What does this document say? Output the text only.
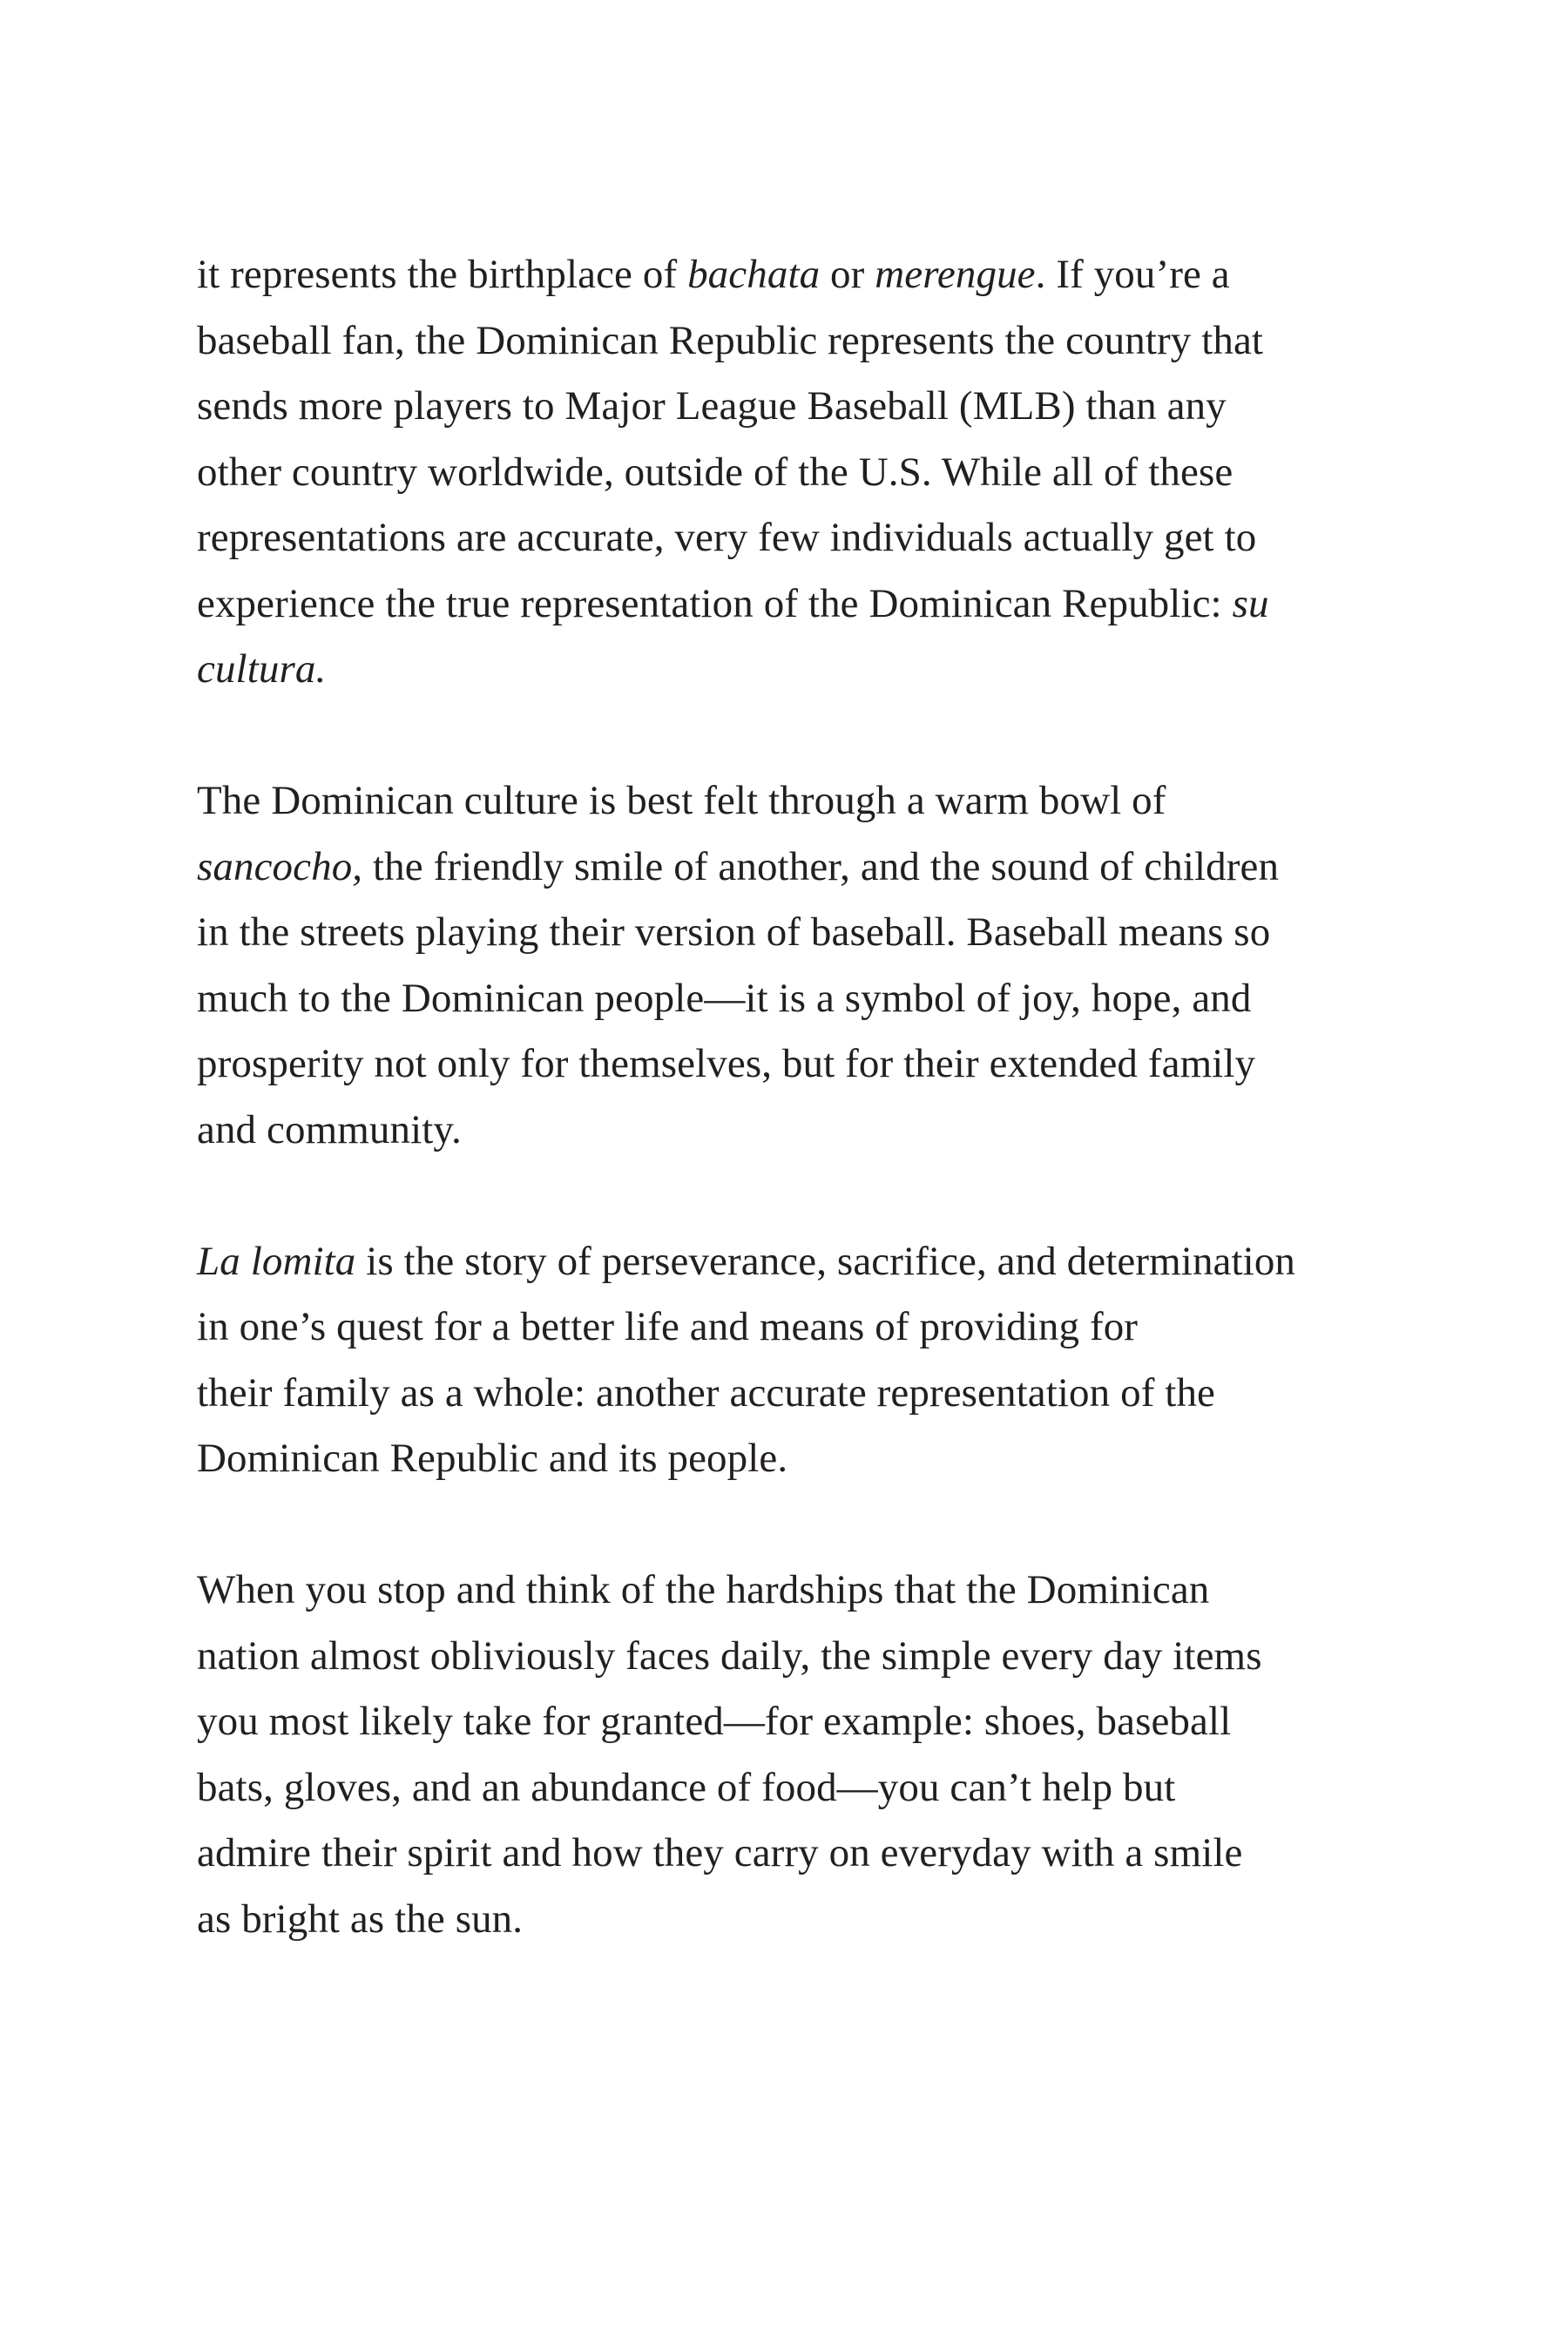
it represents the birthplace of bachata or merengue. If you’re a
baseball fan, the Dominican Republic represents the country that
sends more players to Major League Baseball (MLB) than any
other country worldwide, outside of the U.S. While all of these
representations are accurate, very few individuals actually get to
experience the true representation of the Dominican Republic: su
cultura.
The Dominican culture is best felt through a warm bowl of
sancocho, the friendly smile of another, and the sound of children
in the streets playing their version of baseball. Baseball means so
much to the Dominican people—it is a symbol of joy, hope, and
prosperity not only for themselves, but for their extended family
and community.
La lomita is the story of perseverance, sacrifice, and determination
in one’s quest for a better life and means of providing for
their family as a whole: another accurate representation of the
Dominican Republic and its people.
When you stop and think of the hardships that the Dominican
nation almost obliviously faces daily, the simple every day items
you most likely take for granted—for example: shoes, baseball
bats, gloves, and an abundance of food—you can’t help but
admire their spirit and how they carry on everyday with a smile
as bright as the sun.
